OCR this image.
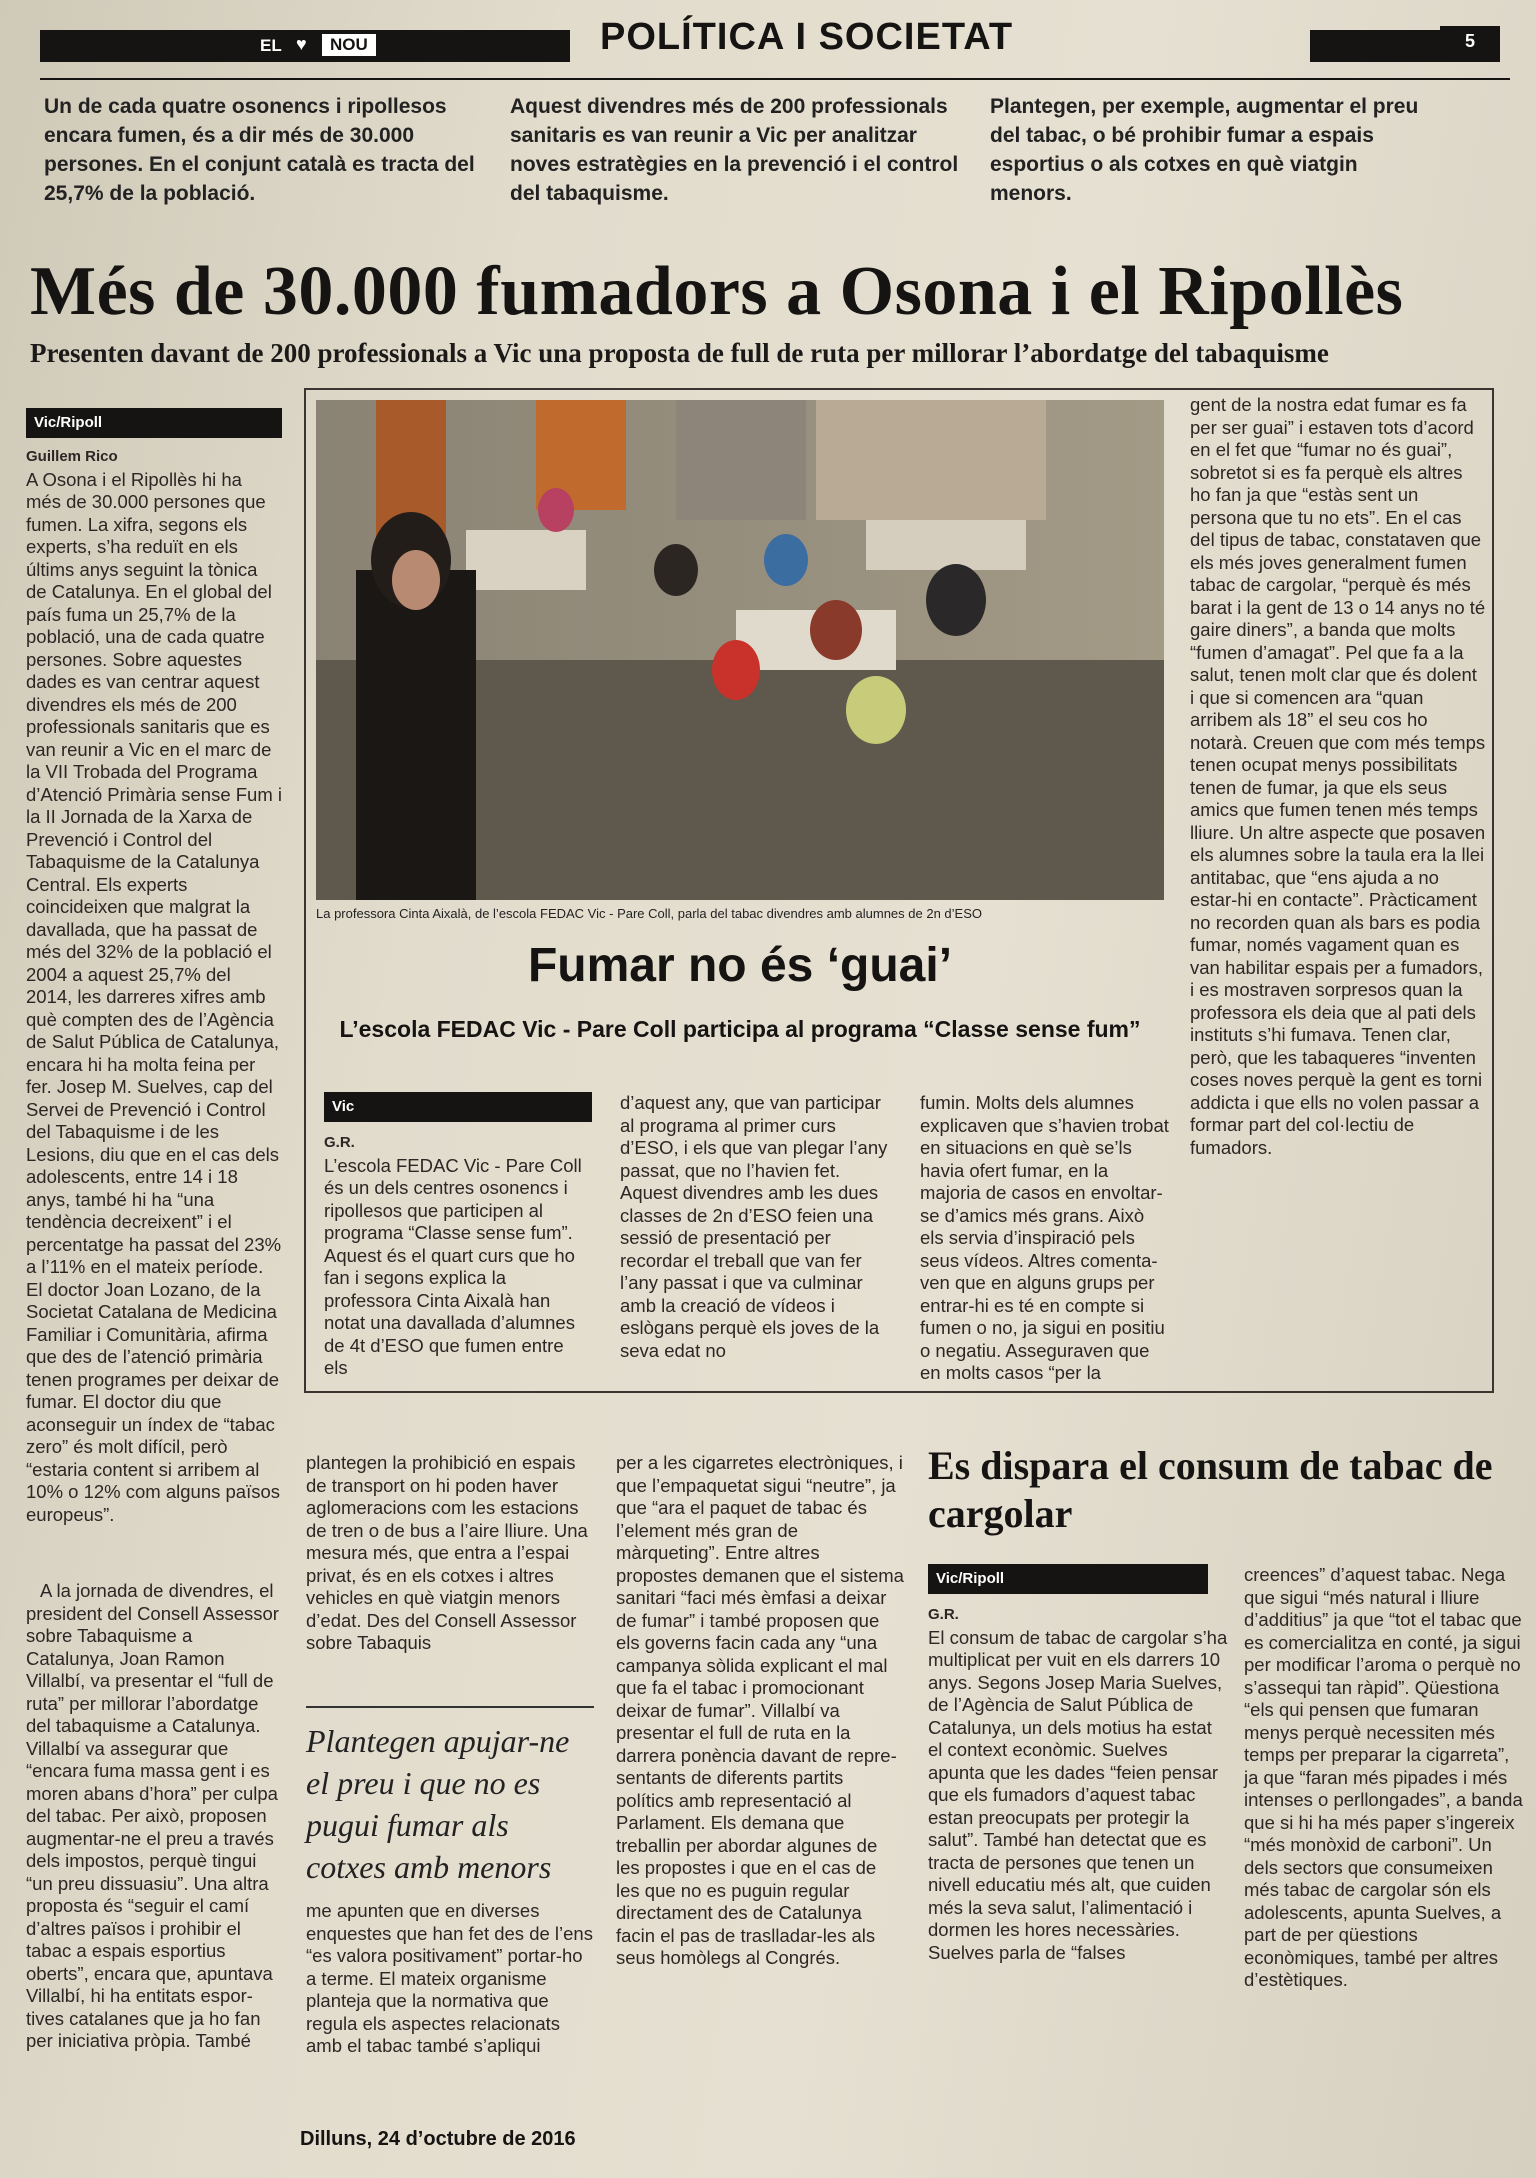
EL ♥	NOU	POLÍTICA I SOCIETAT	5
Un de cada quatre osonencs i ripollesos encara fumen, és a dir més de 30.000 persones. En el conjunt català es tracta del 25,7% de la població.
Aquest divendres més de 200 professionals sanitaris es van reunir a Vic per analitzar noves estratègies en la prevenció i el control del tabaquisme.
Plantegen, per exemple, augmentar el preu del tabac, o bé prohibir fumar a espais esportius o als cotxes en què viatgin menors.
Més de 30.000 fumadors a Osona i el Ripollès
Presenten davant de 200 professionals a Vic una proposta de full de ruta per millorar l’abordatge del tabaquisme
Vic/Ripoll
Guillem Rico
A Osona i el Ripollès hi ha més de 30.000 persones que fumen. La xifra, segons els experts, s’ha reduït en els últims anys seguint la tònica de Catalunya. En el global del país fuma un 25,7% de la població, una de cada quatre persones. Sobre aquestes dades es van centrar aquest divendres els més de 200 professionals sanitaris que es van reunir a Vic en el marc de la VII Trobada del Programa d’Atenció Primària sense Fum i la II Jornada de la Xarxa de Prevenció i Control del Tabaquisme de la Catalunya Central. Els experts coincideixen que malgrat la davallada, que ha passat de més del 32% de la població el 2004 a aquest 25,7% del 2014, les darreres xifres amb què compten des de l’Agència de Salut Pública de Catalunya, encara hi ha molta feina per fer. Josep M. Suelves, cap del Servei de Prevenció i Control del Tabaquisme i de les Lesions, diu que en el cas dels adolescents, entre 14 i 18 anys, també hi ha “una tendència decreixent” i el percentatge ha passat del 23% a l’11% en el mateix període. El doctor Joan Lozano, de la Societat Catalana de Medicina Familiar i Comunitària, afirma que des de l’atenció primària tenen programes per deixar de fumar. El doctor diu que aconseguir un índex de “tabac zero” és molt difícil, però “estaria content si arribem al 10% o 12% com alguns països europeus”.
A la jornada de divendres, el president del Consell Assessor sobre Tabaquisme a Catalunya, Joan Ramon Villalbí, va presentar el “full de ruta” per millorar l’abordatge del tabaquisme a Catalunya. Villalbí va assegurar que “encara fuma massa gent i es moren abans d’hora” per culpa del tabac. Per això, proposen augmentar-ne el preu a través dels impostos, perquè tingui “un preu dissuasiu”. Una altra proposta és “seguir el camí d’altres països i prohibir el tabac a espais esportius oberts”, encara que, apuntava Villalbí, hi ha entitats esportives catalanes que ja ho fan per iniciativa pròpia. També
La professora Cinta Aixalà, de l’escola FEDAC Vic - Pare Coll, parla del tabac divendres amb alumnes de 2n d’ESO
Fumar no és ‘guai’
L’escola FEDAC Vic - Pare Coll participa al programa “Classe sense fum”
Vic
G.R.
L’escola FEDAC Vic - Pare Coll és un dels centres osonencs i ripollesos que participen al programa “Classe sense fum”. Aquest és el quart curs que ho fan i segons explica la professora Cinta Aixalà han notat una davallada d’alumnes de 4t d’ESO que fumen entre els
d’aquest any, que van participar al programa al primer curs d’ESO, i els que van plegar l’any passat, que no l’havien fet. Aquest divendres amb les dues classes de 2n d’ESO feien una sessió de presentació per recordar el treball que van fer l’any passat i que va culminar amb la creació de vídeos i eslògans perquè els joves de la seva edat no
fumin. Molts dels alumnes explicaven que s’havien trobat en situacions en què se’ls havia ofert fumar, en la majoria de casos en envoltarse d’amics més grans. Això els servia d’inspiració pels seus vídeos. Altres comentaven que en alguns grups per entrar-hi es té en compte si fumen o no, ja sigui en positiu o negatiu. Asseguraven que en molts casos “per la
gent de la nostra edat fumar es fa per ser guai” i estaven tots d’acord en el fet que “fumar no és guai”, sobretot si es fa perquè els altres ho fan ja que “estàs sent un persona que tu no ets”. En el cas del tipus de tabac, constataven que els més joves generalment fumen tabac de cargolar, “perquè és més barat i la gent de 13 o 14 anys no té gaire diners”, a banda que molts “fumen d’amagat”. Pel que fa a la salut, tenen molt clar que és dolent i que si comencen ara “quan arribem als 18” el seu cos ho notarà. Creuen que com més temps tenen ocupat menys possibilitats tenen de fumar, ja que els seus amics que fumen tenen més temps lliure. Un altre aspecte que posaven els alumnes sobre la taula era la llei antitabac, que “ens ajuda a no estar-hi en contacte”. Pràcticament no recorden quan als bars es podia fumar, només vagament quan es van habilitar espais per a fumadors, i es mostraven sorpresos quan la professora els deia que al pati dels instituts s’hi fumava. Tenen clar, però, que les tabaqueres “inventen coses noves perquè la gent es torni addicta i que ells no volen passar a formar part del col·lectiu de fumadors.
plantegen la prohibició en espais de transport on hi poden haver aglomeracions com les estacions de tren o de bus a l’aire lliure. Una mesura més, que entra a l’espai privat, és en els cotxes i altres vehicles en què viatgin menors d’edat. Des del Consell Assessor sobre Tabaquis
Plantegen apujar-ne el preu i que no es pugui fumar als cotxes amb menors
me apunten que en diverses enquestes que han fet des de l’ens “es valora positivament” portar-ho a terme. El mateix organisme planteja que la normativa que regula els aspectes relacionats amb el tabac també s’apliqui
per a les cigarretes electròniques, i que l’empaquetat sigui “neutre”, ja que “ara el paquet de tabac és l’element més gran de màrqueting”. Entre altres propostes demanen que el sistema sanitari “faci més èmfasi a deixar de fumar” i també proposen que els governs facin cada any “una campanya sòlida explicant el mal que fa el tabac i promocionant deixar de fumar”. Villalbí va presentar el full de ruta en la darrera ponència davant de representants de diferents partits polítics amb representació al Parlament. Els demana que treballin per abordar algunes de les propostes i que en el cas de les que no es puguin regular directament des de Catalunya facin el pas de traslladar-les als seus homòlegs al Congrés.
Es dispara el consum de tabac de cargolar
Vic/Ripoll
G.R.
El consum de tabac de cargolar s’ha multiplicat per vuit en els darrers 10 anys. Segons Josep Maria Suelves, de l’Agència de Salut Pública de Catalunya, un dels motius ha estat el context econòmic. Suelves apunta que les dades “feien pensar que els fumadors d’aquest tabac estan preocupats per protegir la salut”. També han detectat que es tracta de persones que tenen un nivell educatiu més alt, que cuiden més la seva salut, l’alimentació i dormen les hores necessàries. Suelves parla de “falses
creences” d’aquest tabac. Nega que sigui “més natural i lliure d’additius” ja que “tot el tabac que es comercialitza en conté, ja sigui per modificar l’aroma o perquè no s’assequi tan ràpid”. Qüestiona “els qui pensen que fumaran menys perquè necessiten més temps per preparar la cigarreta”, ja que “faran més pipades i més intenses o perllongades”, a banda que si hi ha més paper s’ingereix “més monòxid de carboni”. Un dels sectors que consumeixen més tabac de cargolar són els adolescents, apunta Suelves, a part de per qüestions econòmiques, també per altres d’estètiques.
Dilluns, 24 d’octubre de 2016
